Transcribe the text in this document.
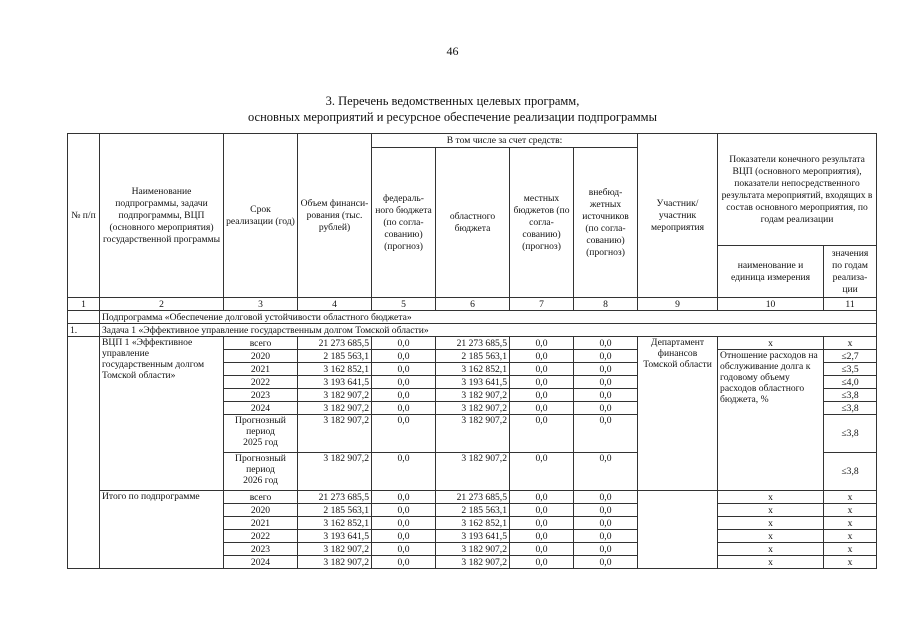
46
3. Перечень ведомственных целевых программ,
основных мероприятий и ресурсное обеспечение реализации подпрограммы
№ п/п	Наименование подпрограммы, задачи подпрограммы, ВЦП (основного мероприятия) государственной программы	Срок реализации (год)	Объем финанси-рования (тыс. рублей)	В том числе за счет средств:				Участник/ участник мероприятия	Показатели конечного результата ВЦП (основного мероприятия), показатели непосредственного результата мероприятий, входящих в состав основного мероприятия, по годам реализации	
				федераль-ного бюджета (по согла-сованию) (прогноз)	областного бюджета	местных бюджетов (по согла-сованию) (прогноз)	внебюд-жетных источников (по согла-сованию) (прогноз)			
									наименование и единица измерения	значения по годам реализа-ции
1	2	3	4	5	6	7	8	9	10	11
	Подпрограмма «Обеспечение долговой устойчивости областного бюджета»									
1.	Задача 1 «Эффективное управление государственным долгом Томской области»									
	ВЦП 1 «Эффективное управление государственным долгом Томской области»	всего	21 273 685,5	0,0	21 273 685,5	0,0	0,0	Департамент финансов Томской области	x	x
		2020	2 185 563,1	0,0	2 185 563,1	0,0	0,0		Отношение расходов на обслуживание долга к годовому объему расходов областного бюджета, %	≤2,7
		2021	3 162 852,1	0,0	3 162 852,1	0,0	0,0			≤3,5
		2022	3 193 641,5	0,0	3 193 641,5	0,0	0,0			≤4,0
		2023	3 182 907,2	0,0	3 182 907,2	0,0	0,0			≤3,8
		2024	3 182 907,2	0,0	3 182 907,2	0,0	0,0			≤3,8

		Прогнозный
период
2025 год	3 182 907,2	0,0	3 182 907,2	0,0	0,0			≤3,8

		Прогнозный
период
2026 год	3 182 907,2	0,0	3 182 907,2	0,0	0,0			≤3,8
	Итого по подпрограмме	всего	21 273 685,5	0,0	21 273 685,5	0,0	0,0		x	x
		2020	2 185 563,1	0,0	2 185 563,1	0,0	0,0		x	x
		2021	3 162 852,1	0,0	3 162 852,1	0,0	0,0		x	x
		2022	3 193 641,5	0,0	3 193 641,5	0,0	0,0		x	x
		2023	3 182 907,2	0,0	3 182 907,2	0,0	0,0		x	x
		2024	3 182 907,2	0,0	3 182 907,2	0,0	0,0		x	x
